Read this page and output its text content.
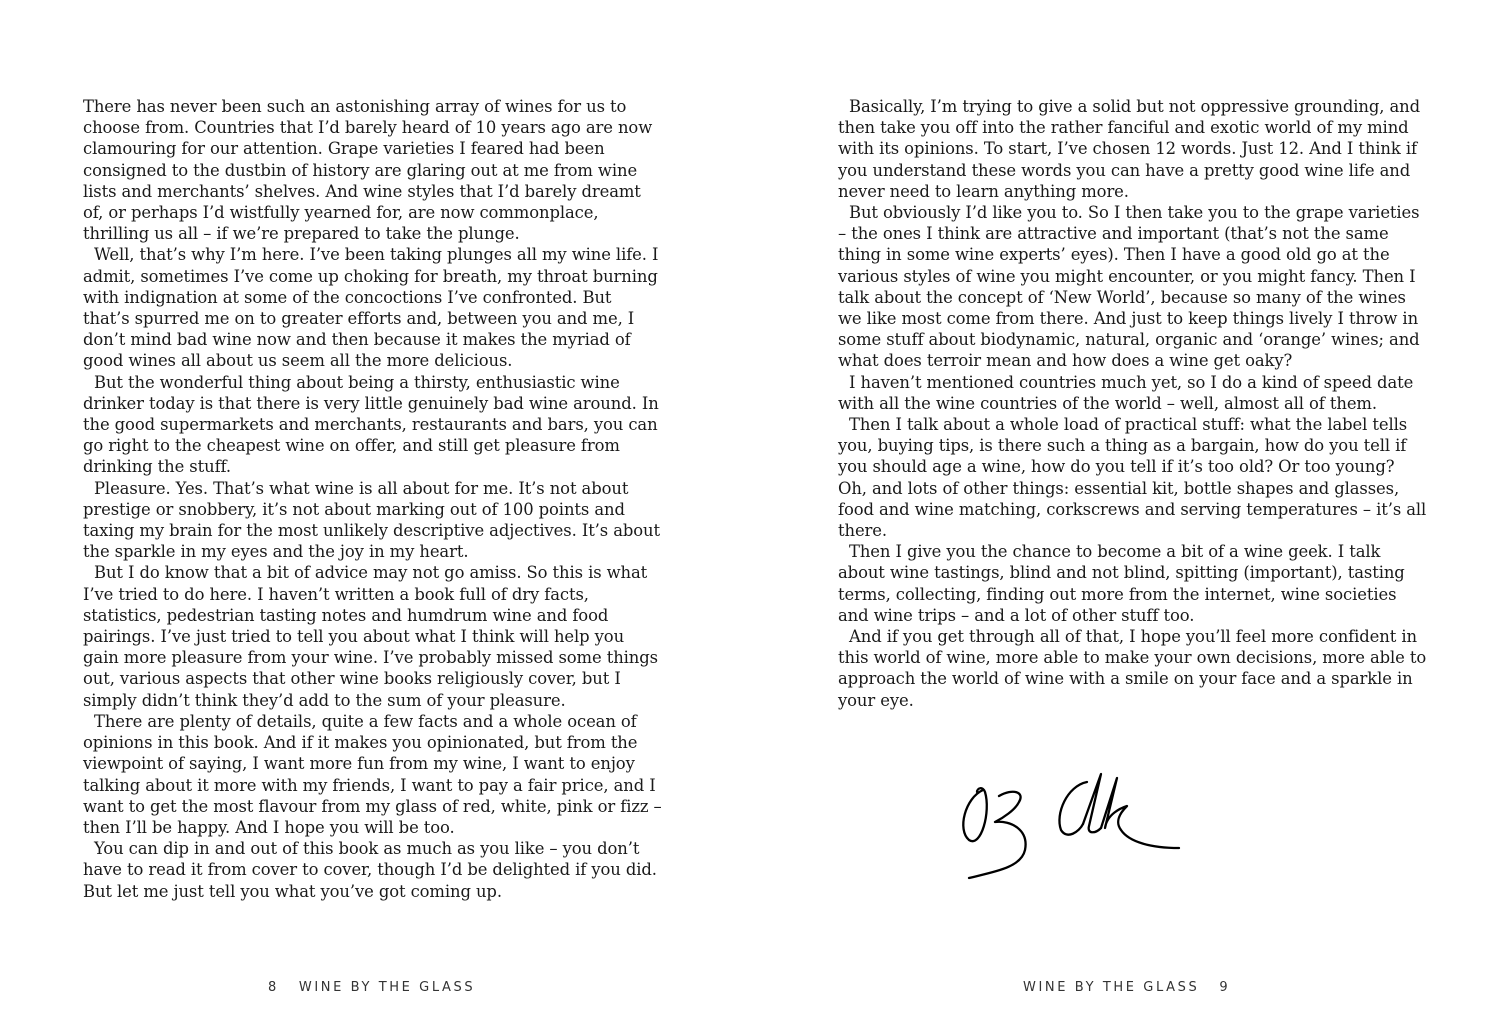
There has never been such an astonishing array of wines for us to choose from. Countries that I’d barely heard of 10 years ago are now clamouring for our attention. Grape varieties I feared had been consigned to the dustbin of history are glaring out at me from wine lists and merchants’ shelves. And wine styles that I’d barely dreamt of, or perhaps I’d wistfully yearned for, are now commonplace, thrilling us all – if we’re prepared to take the plunge.

Well, that’s why I’m here. I’ve been taking plunges all my wine life. I admit, sometimes I’ve come up choking for breath, my throat burning with indignation at some of the concoctions I’ve confronted. But that’s spurred me on to greater efforts and, between you and me, I don’t mind bad wine now and then because it makes the myriad of good wines all about us seem all the more delicious.

But the wonderful thing about being a thirsty, enthusiastic wine drinker today is that there is very little genuinely bad wine around. In the good supermarkets and merchants, restaurants and bars, you can go right to the cheapest wine on offer, and still get pleasure from drinking the stuff.

Pleasure. Yes. That’s what wine is all about for me. It’s not about prestige or snobbery, it’s not about marking out of 100 points and taxing my brain for the most unlikely descriptive adjectives. It’s about the sparkle in my eyes and the joy in my heart.

But I do know that a bit of advice may not go amiss. So this is what I’ve tried to do here. I haven’t written a book full of dry facts, statistics, pedestrian tasting notes and humdrum wine and food pairings. I’ve just tried to tell you about what I think will help you gain more pleasure from your wine. I’ve probably missed some things out, various aspects that other wine books religiously cover, but I simply didn’t think they’d add to the sum of your pleasure.

There are plenty of details, quite a few facts and a whole ocean of opinions in this book. And if it makes you opinionated, but from the viewpoint of saying, I want more fun from my wine, I want to enjoy talking about it more with my friends, I want to pay a fair price, and I want to get the most flavour from my glass of red, white, pink or fizz – then I’ll be happy. And I hope you will be too.

You can dip in and out of this book as much as you like – you don’t have to read it from cover to cover, though I’d be delighted if you did. But let me just tell you what you’ve got coming up.

8 WINE BY THE GLASS

Basically, I’m trying to give a solid but not oppressive grounding, and then take you off into the rather fanciful and exotic world of my mind with its opinions. To start, I’ve chosen 12 words. Just 12. And I think if you understand these words you can have a pretty good wine life and never need to learn anything more.

But obviously I’d like you to. So I then take you to the grape varieties – the ones I think are attractive and important (that’s not the same thing in some wine experts’ eyes). Then I have a good old go at the various styles of wine you might encounter, or you might fancy. Then I talk about the concept of ‘New World’, because so many of the wines we like most come from there. And just to keep things lively I throw in some stuff about biodynamic, natural, organic and ‘orange’ wines; and what does terroir mean and how does a wine get oaky?

I haven’t mentioned countries much yet, so I do a kind of speed date with all the wine countries of the world – well, almost all of them.

Then I talk about a whole load of practical stuff: what the label tells you, buying tips, is there such a thing as a bargain, how do you tell if you should age a wine, how do you tell if it’s too old? Or too young? Oh, and lots of other things: essential kit, bottle shapes and glasses, food and wine matching, corkscrews and serving temperatures – it’s all there.

Then I give you the chance to become a bit of a wine geek. I talk about wine tastings, blind and not blind, spitting (important), tasting terms, collecting, finding out more from the internet, wine societies and wine trips – and a lot of other stuff too.

And if you get through all of that, I hope you’ll feel more confident in this world of wine, more able to make your own decisions, more able to approach the world of wine with a smile on your face and a sparkle in your eye.

WINE BY THE GLASS 9
